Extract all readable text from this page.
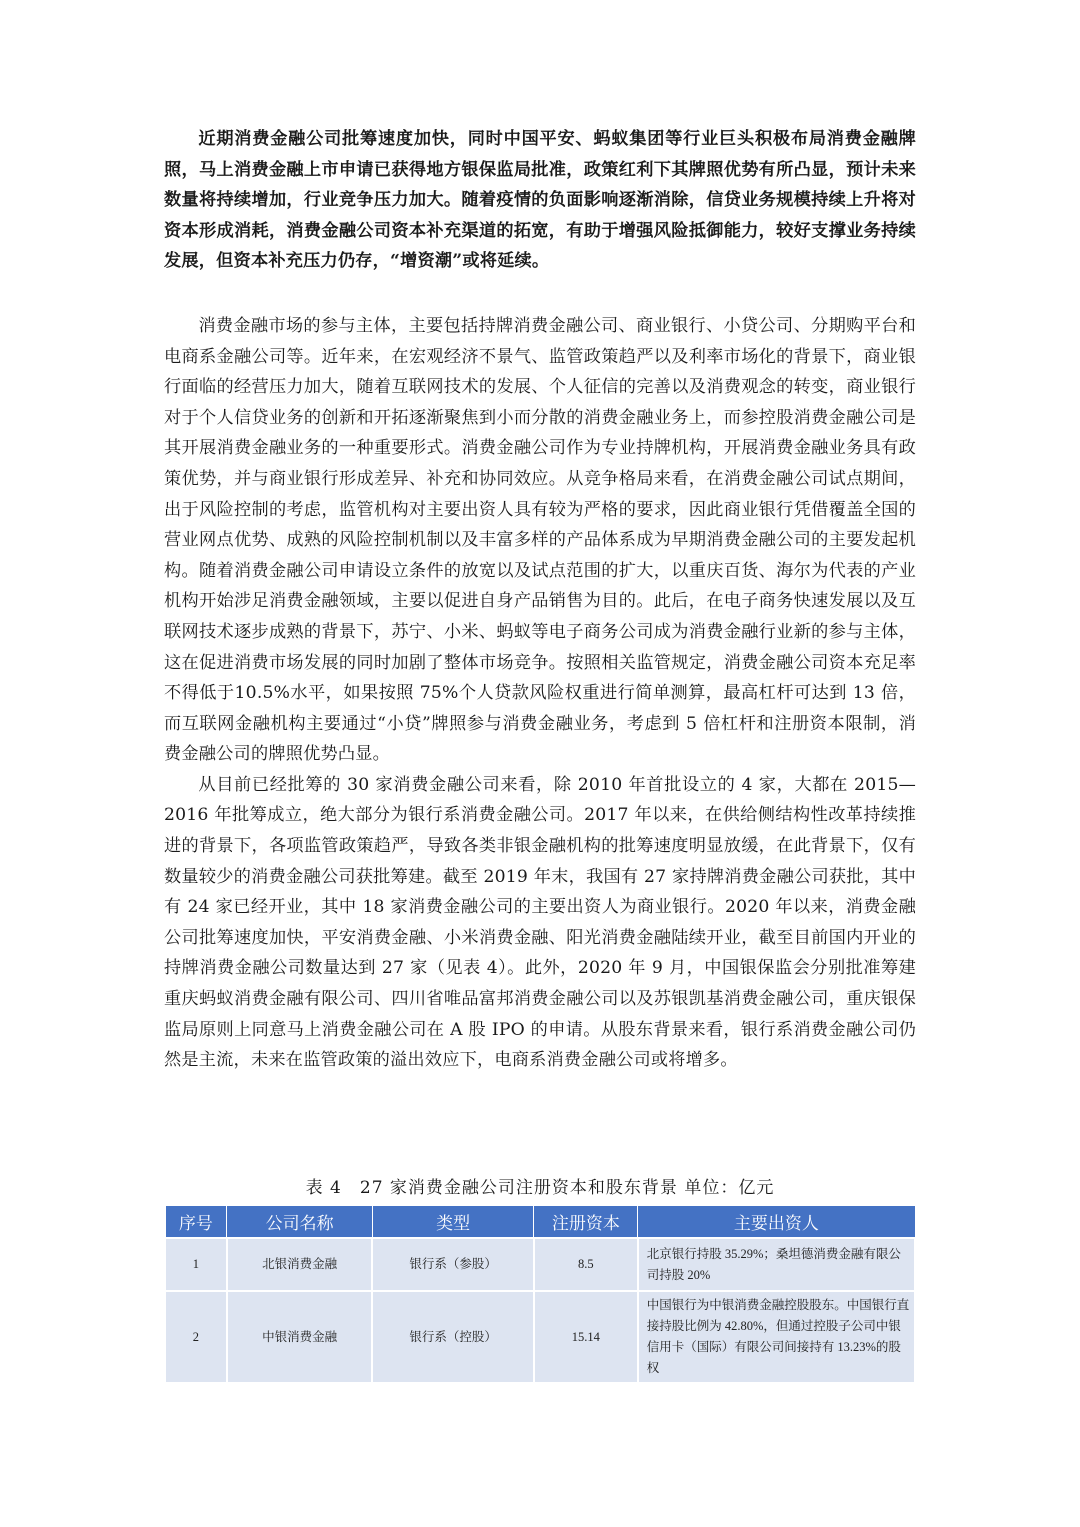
近期消费金融公司批筹速度加快，同时中国平安、蚂蚁集团等行业巨头积极布局消费金融牌照，马上消费金融上市申请已获得地方银保监局批准，政策红利下其牌照优势有所凸显，预计未来数量将持续增加，行业竞争压力加大。随着疫情的负面影响逐渐消除，信贷业务规模持续上升将对资本形成消耗，消费金融公司资本补充渠道的拓宽，有助于增强风险抵御能力，较好支撑业务持续发展，但资本补充压力仍存，“增资潮”或将延续。

消费金融市场的参与主体，主要包括持牌消费金融公司、商业银行、小贷公司、分期购平台和电商系金融公司等。近年来，在宏观经济不景气、监管政策趋严以及利率市场化的背景下，商业银行面临的经营压力加大，随着互联网技术的发展、个人征信的完善以及消费观念的转变，商业银行对于个人信贷业务的创新和开拓逐渐聚焦到小而分散的消费金融业务上，而参控股消费金融公司是其开展消费金融业务的一种重要形式。消费金融公司作为专业持牌机构，开展消费金融业务具有政策优势，并与商业银行形成差异、补充和协同效应。从竞争格局来看，在消费金融公司试点期间，出于风险控制的考虑，监管机构对主要出资人具有较为严格的要求，因此商业银行凭借覆盖全国的营业网点优势、成熟的风险控制机制以及丰富多样的产品体系成为早期消费金融公司的主要发起机构。随着消费金融公司申请设立条件的放宽以及试点范围的扩大，以重庆百货、海尔为代表的产业机构开始涉足消费金融领域，主要以促进自身产品销售为目的。此后，在电子商务快速发展以及互联网技术逐步成熟的背景下，苏宁、小米、蚂蚁等电子商务公司成为消费金融行业新的参与主体，这在促进消费市场发展的同时加剧了整体市场竞争。按照相关监管规定，消费金融公司资本充足率不得低于10.5%水平，如果按照 75%个人贷款风险权重进行简单测算，最高杠杆可达到 13 倍，而互联网金融机构主要通过“小贷”牌照参与消费金融业务，考虑到 5 倍杠杆和注册资本限制，消费金融公司的牌照优势凸显。

从目前已经批筹的 30 家消费金融公司来看，除 2010 年首批设立的 4 家，大都在 2015—2016 年批筹成立，绝大部分为银行系消费金融公司。2017 年以来，在供给侧结构性改革持续推进的背景下，各项监管政策趋严，导致各类非银金融机构的批筹速度明显放缓，在此背景下，仅有数量较少的消费金融公司获批筹建。截至 2019 年末，我国有 27 家持牌消费金融公司获批，其中有 24 家已经开业，其中 18 家消费金融公司的主要出资人为商业银行。2020 年以来，消费金融公司批筹速度加快，平安消费金融、小米消费金融、阳光消费金融陆续开业，截至目前国内开业的持牌消费金融公司数量达到 27 家（见表 4）。此外，2020 年 9 月，中国银保监会分别批准筹建重庆蚂蚁消费金融有限公司、四川省唯品富邦消费金融公司以及苏银凯基消费金融公司，重庆银保监局原则上同意马上消费金融公司在 A 股 IPO 的申请。从股东背景来看，银行系消费金融公司仍然是主流，未来在监管政策的溢出效应下，电商系消费金融公司或将增多。

表 4　27 家消费金融公司注册资本和股东背景 单位：亿元
序号	公司名称	类型	注册资本	主要出资人
1	北银消费金融	银行系（参股）	8.5	北京银行持股 35.29%；桑坦德消费金融有限公司持股 20%
2	中银消费金融	银行系（控股）	15.14	中国银行为中银消费金融控股股东。中国银行直接持股比例为 42.80%，但通过控股子公司中银信用卡（国际）有限公司间接持有 13.23%的股权
